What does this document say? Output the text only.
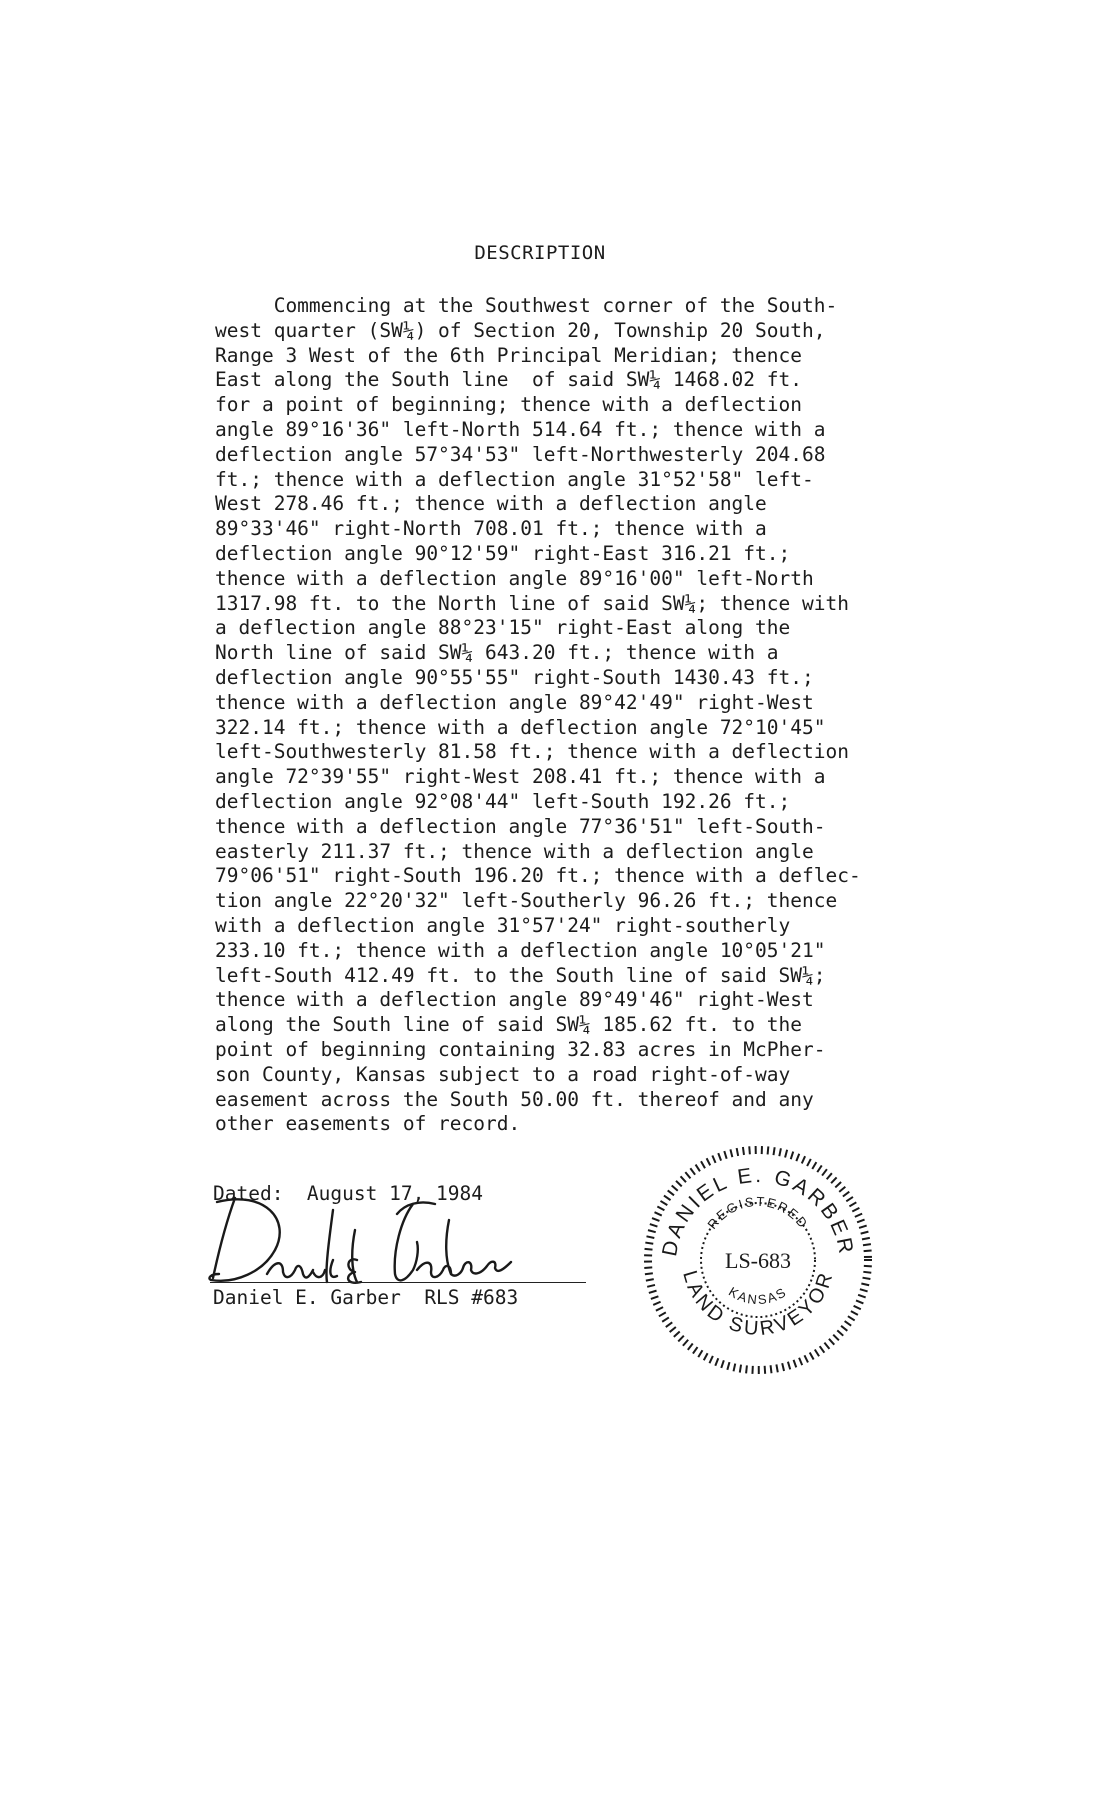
DESCRIPTION
Commencing at the Southwest corner of the South-
west quarter (SW¼) of Section 20, Township 20 South,
Range 3 West of the 6th Principal Meridian; thence
East along the South line  of said SW¼ 1468.02 ft.
for a point of beginning; thence with a deflection
angle 89°16'36" left-North 514.64 ft.; thence with a
deflection angle 57°34'53" left-Northwesterly 204.68
ft.; thence with a deflection angle 31°52'58" left-
West 278.46 ft.; thence with a deflection angle
89°33'46" right-North 708.01 ft.; thence with a
deflection angle 90°12'59" right-East 316.21 ft.;
thence with a deflection angle 89°16'00" left-North
1317.98 ft. to the North line of said SW¼; thence with
a deflection angle 88°23'15" right-East along the
North line of said SW¼ 643.20 ft.; thence with a
deflection angle 90°55'55" right-South 1430.43 ft.;
thence with a deflection angle 89°42'49" right-West
322.14 ft.; thence with a deflection angle 72°10'45"
left-Southwesterly 81.58 ft.; thence with a deflection
angle 72°39'55" right-West 208.41 ft.; thence with a
deflection angle 92°08'44" left-South 192.26 ft.;
thence with a deflection angle 77°36'51" left-South-
easterly 211.37 ft.; thence with a deflection angle
79°06'51" right-South 196.20 ft.; thence with a deflec-
tion angle 22°20'32" left-Southerly 96.26 ft.; thence
with a deflection angle 31°57'24" right-southerly
233.10 ft.; thence with a deflection angle 10°05'21"
left-South 412.49 ft. to the South line of said SW¼;
thence with a deflection angle 89°49'46" right-West
along the South line of said SW¼ 185.62 ft. to the
point of beginning containing 32.83 acres in McPher-
son County, Kansas subject to a road right-of-way
easement across the South 50.00 ft. thereof and any
other easements of record.
Dated:  August 17, 1984
Daniel E. Garber  RLS #683
DANIEL E. GARBER
LAND SURVEYOR
REGISTERED
KANSAS
LS-683
